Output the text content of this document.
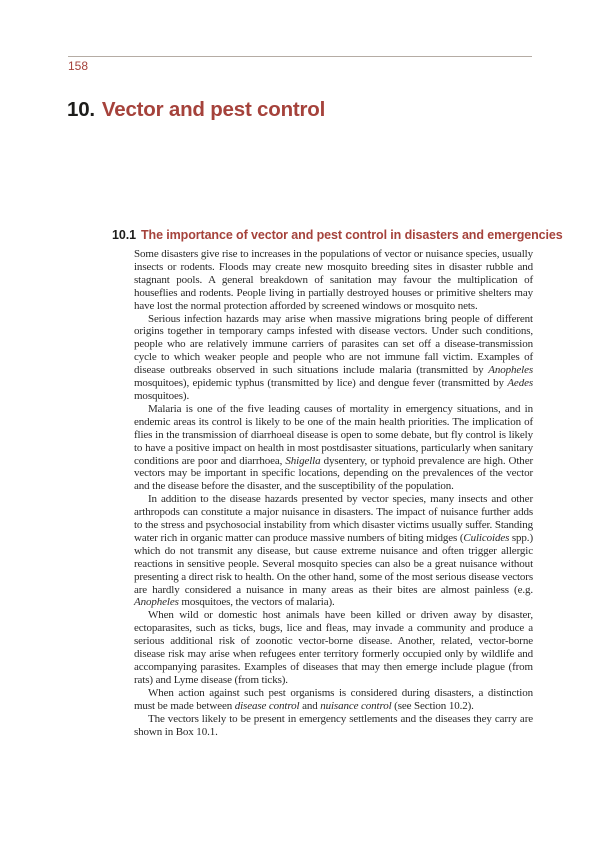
158
10. Vector and pest control
10.1 The importance of vector and pest control in disasters and emergencies

Some disasters give rise to increases in the populations of vector or nuisance species, usually insects or rodents. Floods may create new mosquito breeding sites in disaster rubble and stagnant pools. A general breakdown of sanitation may favour the multiplication of houseflies and rodents. People living in partially destroyed houses or primitive shelters may have lost the normal protection afforded by screened windows or mosquito nets.

Serious infection hazards may arise when massive migrations bring people of different origins together in temporary camps infested with disease vectors. Under such conditions, people who are relatively immune carriers of parasites can set off a disease-transmission cycle to which weaker people and people who are not immune fall victim. Examples of disease outbreaks observed in such situations include malaria (transmitted by Anopheles mosquitoes), epidemic typhus (transmitted by lice) and dengue fever (transmitted by Aedes mosquitoes).

Malaria is one of the five leading causes of mortality in emergency situations, and in endemic areas its control is likely to be one of the main health priorities. The implication of flies in the transmission of diarrhoeal disease is open to some debate, but fly control is likely to have a positive impact on health in most postdisaster situations, particularly when sanitary conditions are poor and diarrhoea, Shigella dysentery, or typhoid prevalence are high. Other vectors may be important in specific locations, depending on the prevalences of the vector and the disease before the disaster, and the susceptibility of the population.

In addition to the disease hazards presented by vector species, many insects and other arthropods can constitute a major nuisance in disasters. The impact of nuisance further adds to the stress and psychosocial instability from which disaster victims usually suffer. Standing water rich in organic matter can produce massive numbers of biting midges (Culicoides spp.) which do not transmit any disease, but cause extreme nuisance and often trigger allergic reactions in sensitive people. Several mosquito species can also be a great nuisance without presenting a direct risk to health. On the other hand, some of the most serious disease vectors are hardly considered a nuisance in many areas as their bites are almost painless (e.g. Anopheles mosquitoes, the vectors of malaria).

When wild or domestic host animals have been killed or driven away by disaster, ectoparasites, such as ticks, bugs, lice and fleas, may invade a community and produce a serious additional risk of zoonotic vector-borne disease. Another, related, vector-borne disease risk may arise when refugees enter territory formerly occupied only by wildlife and accompanying parasites. Examples of diseases that may then emerge include plague (from rats) and Lyme disease (from ticks).

When action against such pest organisms is considered during disasters, a distinction must be made between disease control and nuisance control (see Section 10.2).

The vectors likely to be present in emergency settlements and the diseases they carry are shown in Box 10.1.
